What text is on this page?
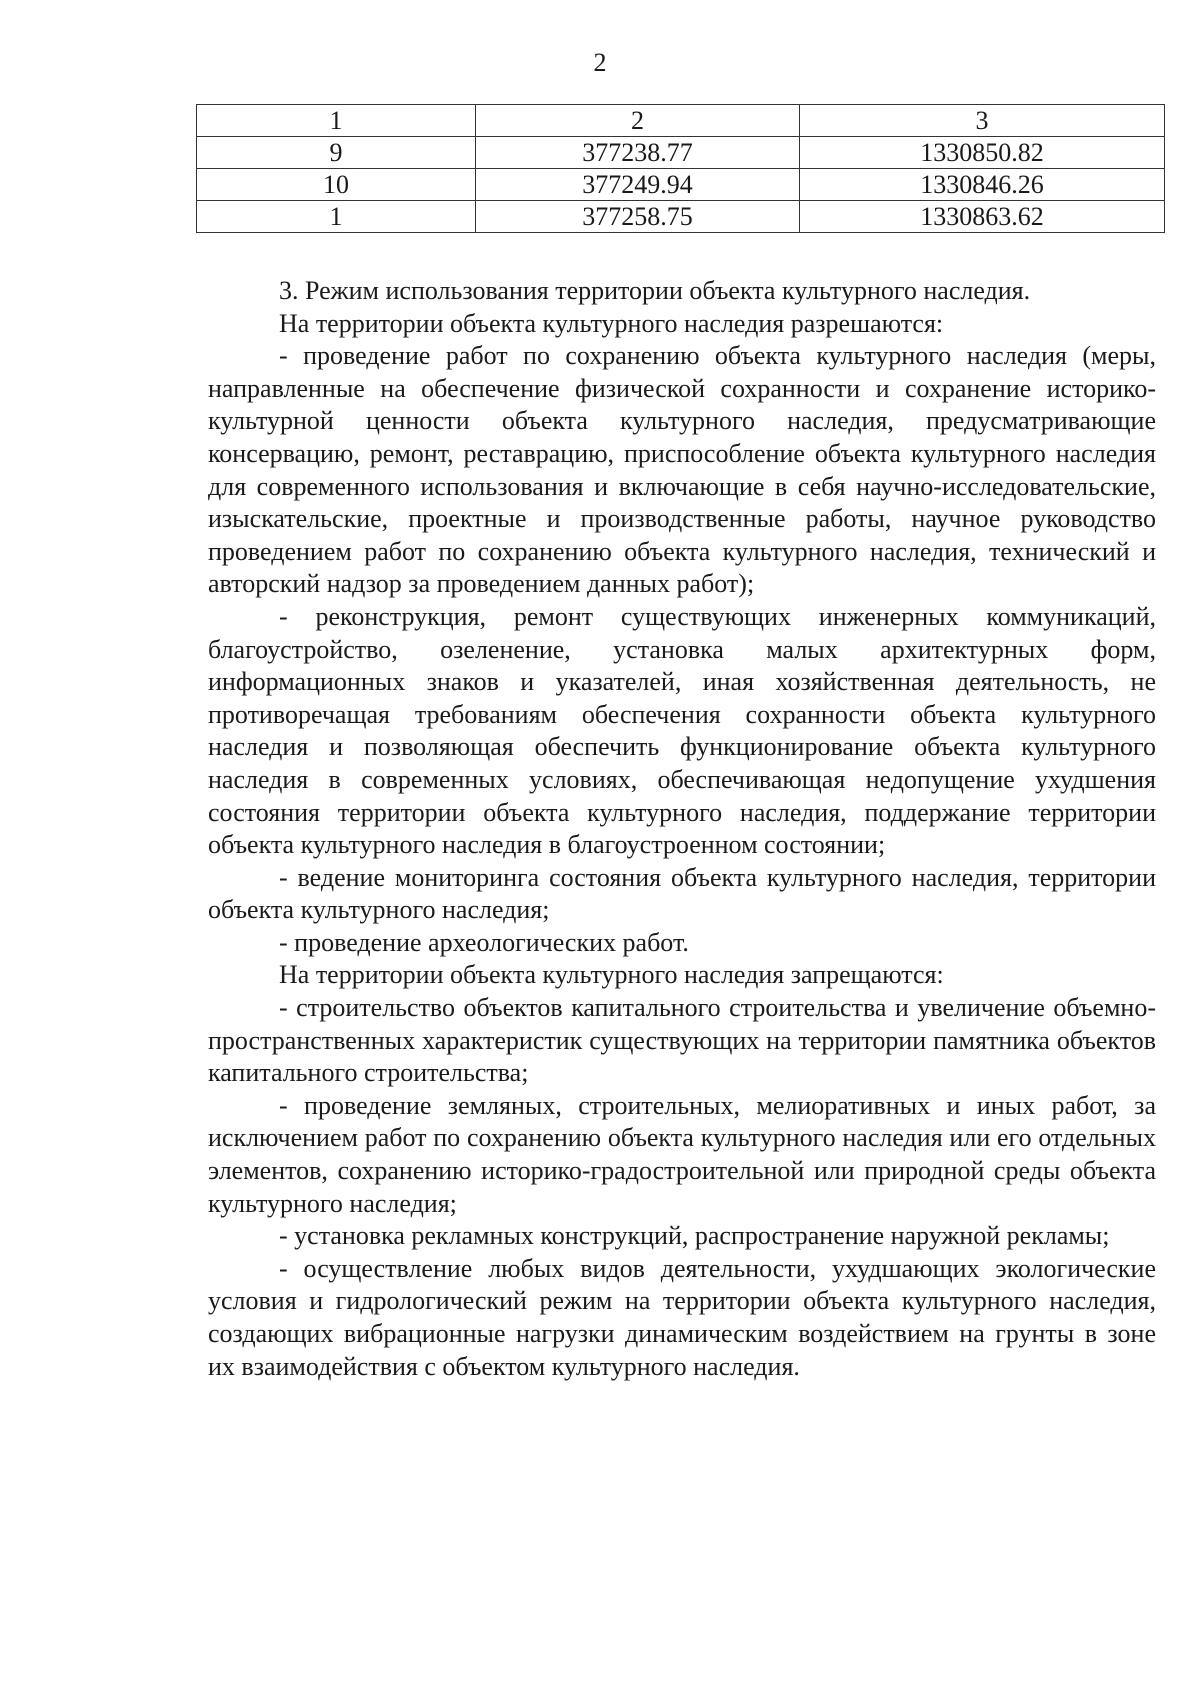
2
1	2	3
9	377238.77	1330850.82
10	377249.94	1330846.26
1	377258.75	1330863.62

3. Режим использования территории объекта культурного наследия.

На территории объекта культурного наследия разрешаются:

- проведение работ по сохранению объекта культурного наследия (меры, направленные на обеспечение физической сохранности и сохранение историко-культурной ценности объекта культурного наследия, предусматривающие консервацию, ремонт, реставрацию, приспособление объекта культурного наследия для современного использования и включающие в себя научно-исследовательские, изыскательские, проектные и производственные работы, научное руководство проведением работ по сохранению объекта культурного наследия, технический и авторский надзор за проведением данных работ);

- реконструкция, ремонт существующих инженерных коммуникаций, благоустройство, озеленение, установка малых архитектурных форм, информационных знаков и указателей, иная хозяйственная деятельность, не противоречащая требованиям обеспечения сохранности объекта культурного наследия и позволяющая обеспечить функционирование объекта культурного наследия в современных условиях, обеспечивающая недопущение ухудшения состояния территории объекта культурного наследия, поддержание территории объекта культурного наследия в благоустроенном состоянии;

- ведение мониторинга состояния объекта культурного наследия, территории объекта культурного наследия;

- проведение археологических работ.

На территории объекта культурного наследия запрещаются:

- строительство объектов капитального строительства и увеличение объемно-пространственных характеристик существующих на территории памятника объектов капитального строительства;

- проведение земляных, строительных, мелиоративных и иных работ, за исключением работ по сохранению объекта культурного наследия или его отдельных элементов, сохранению историко-градостроительной или природной среды объекта культурного наследия;

- установка рекламных конструкций, распространение наружной рекламы;

- осуществление любых видов деятельности, ухудшающих экологические условия и гидрологический режим на территории объекта культурного наследия, создающих вибрационные нагрузки динамическим воздействием на грунты в зоне их взаимодействия с объектом культурного наследия.
